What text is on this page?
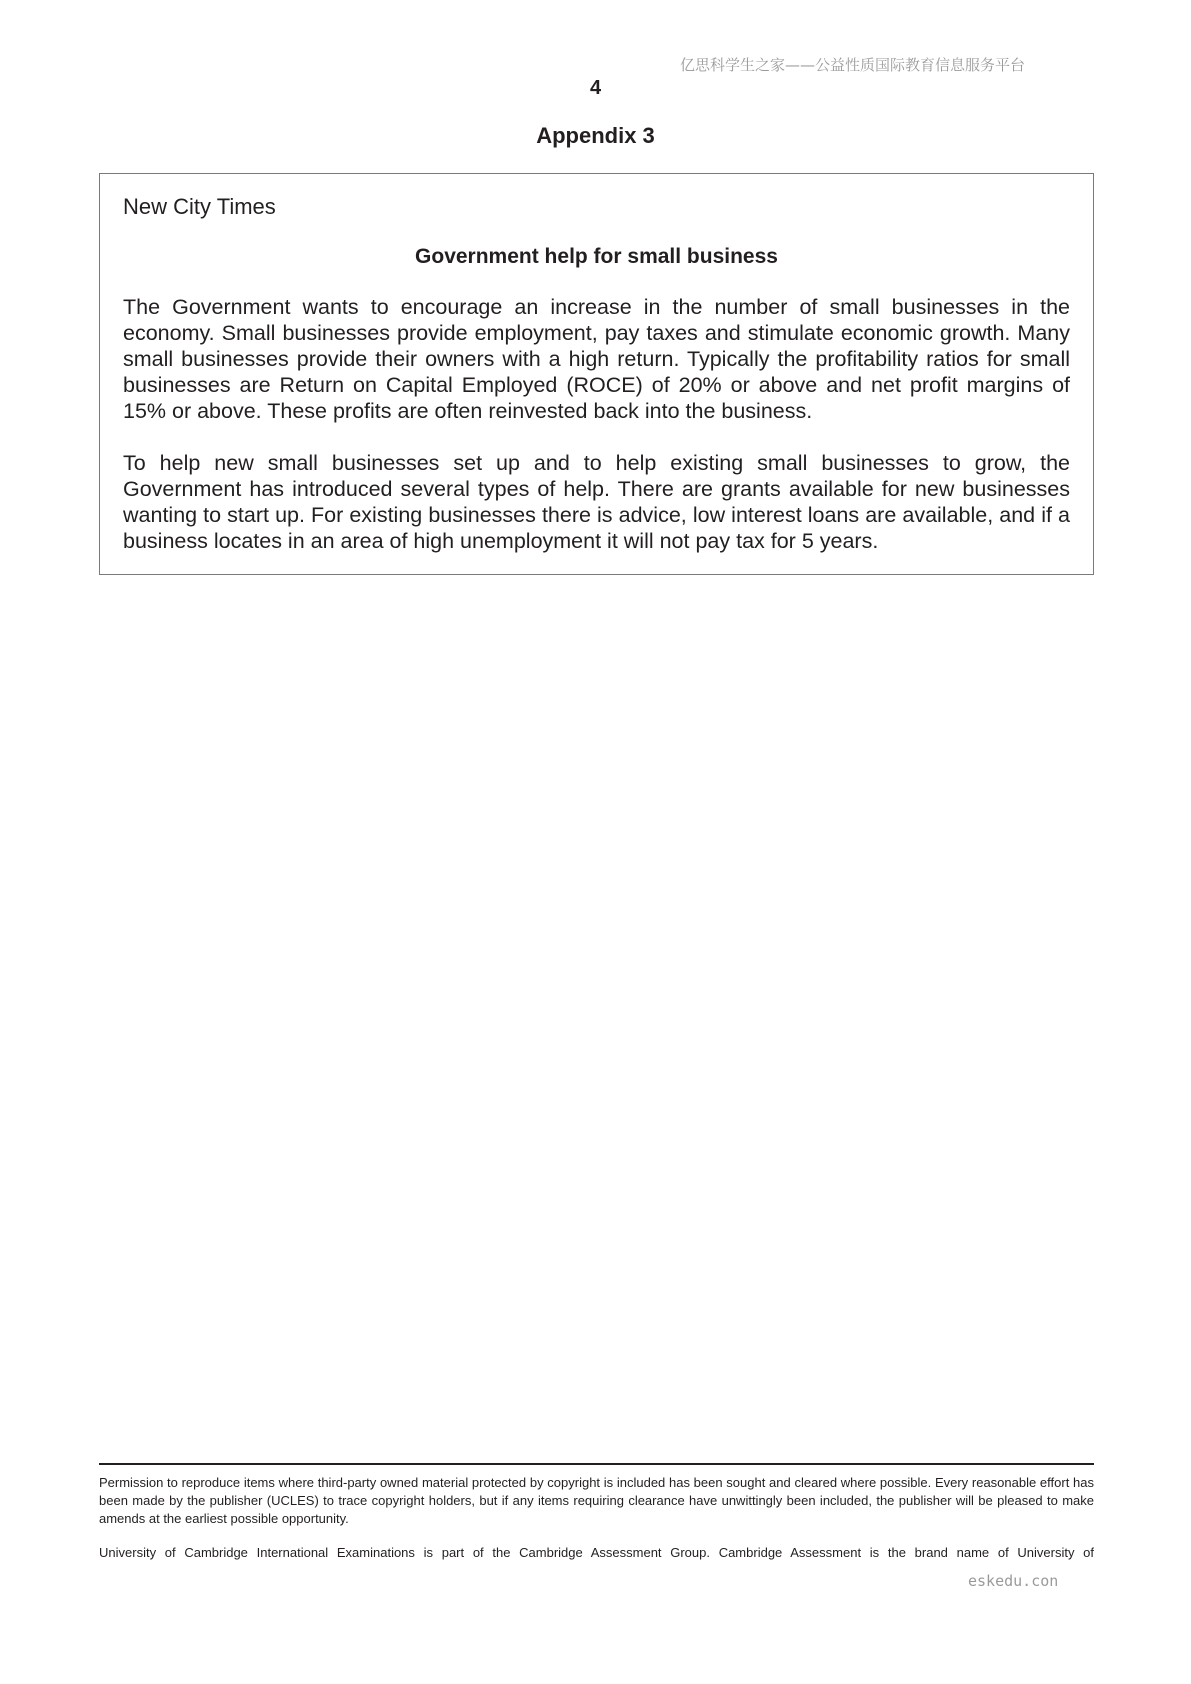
亿思科学生之家——公益性质国际教育信息服务平台
4
Appendix 3

New City Times

Government help for small business

The Government wants to encourage an increase in the number of small businesses in the economy. Small businesses provide employment, pay taxes and stimulate economic growth. Many small businesses provide their owners with a high return. Typically the profitability ratios for small businesses are Return on Capital Employed (ROCE) of 20% or above and net profit margins of 15% or above. These profits are often reinvested back into the business.

To help new small businesses set up and to help existing small businesses to grow, the Government has introduced several types of help. There are grants available for new businesses wanting to start up. For existing businesses there is advice, low interest loans are available, and if a business locates in an area of high unemployment it will not pay tax for 5 years.

Permission to reproduce items where third-party owned material protected by copyright is included has been sought and cleared where possible. Every reasonable effort has been made by the publisher (UCLES) to trace copyright holders, but if any items requiring clearance have unwittingly been included, the publisher will be pleased to make amends at the earliest possible opportunity.

University of Cambridge International Examinations is part of the Cambridge Assessment Group. Cambridge Assessment is the brand name of University of

eskedu.con
